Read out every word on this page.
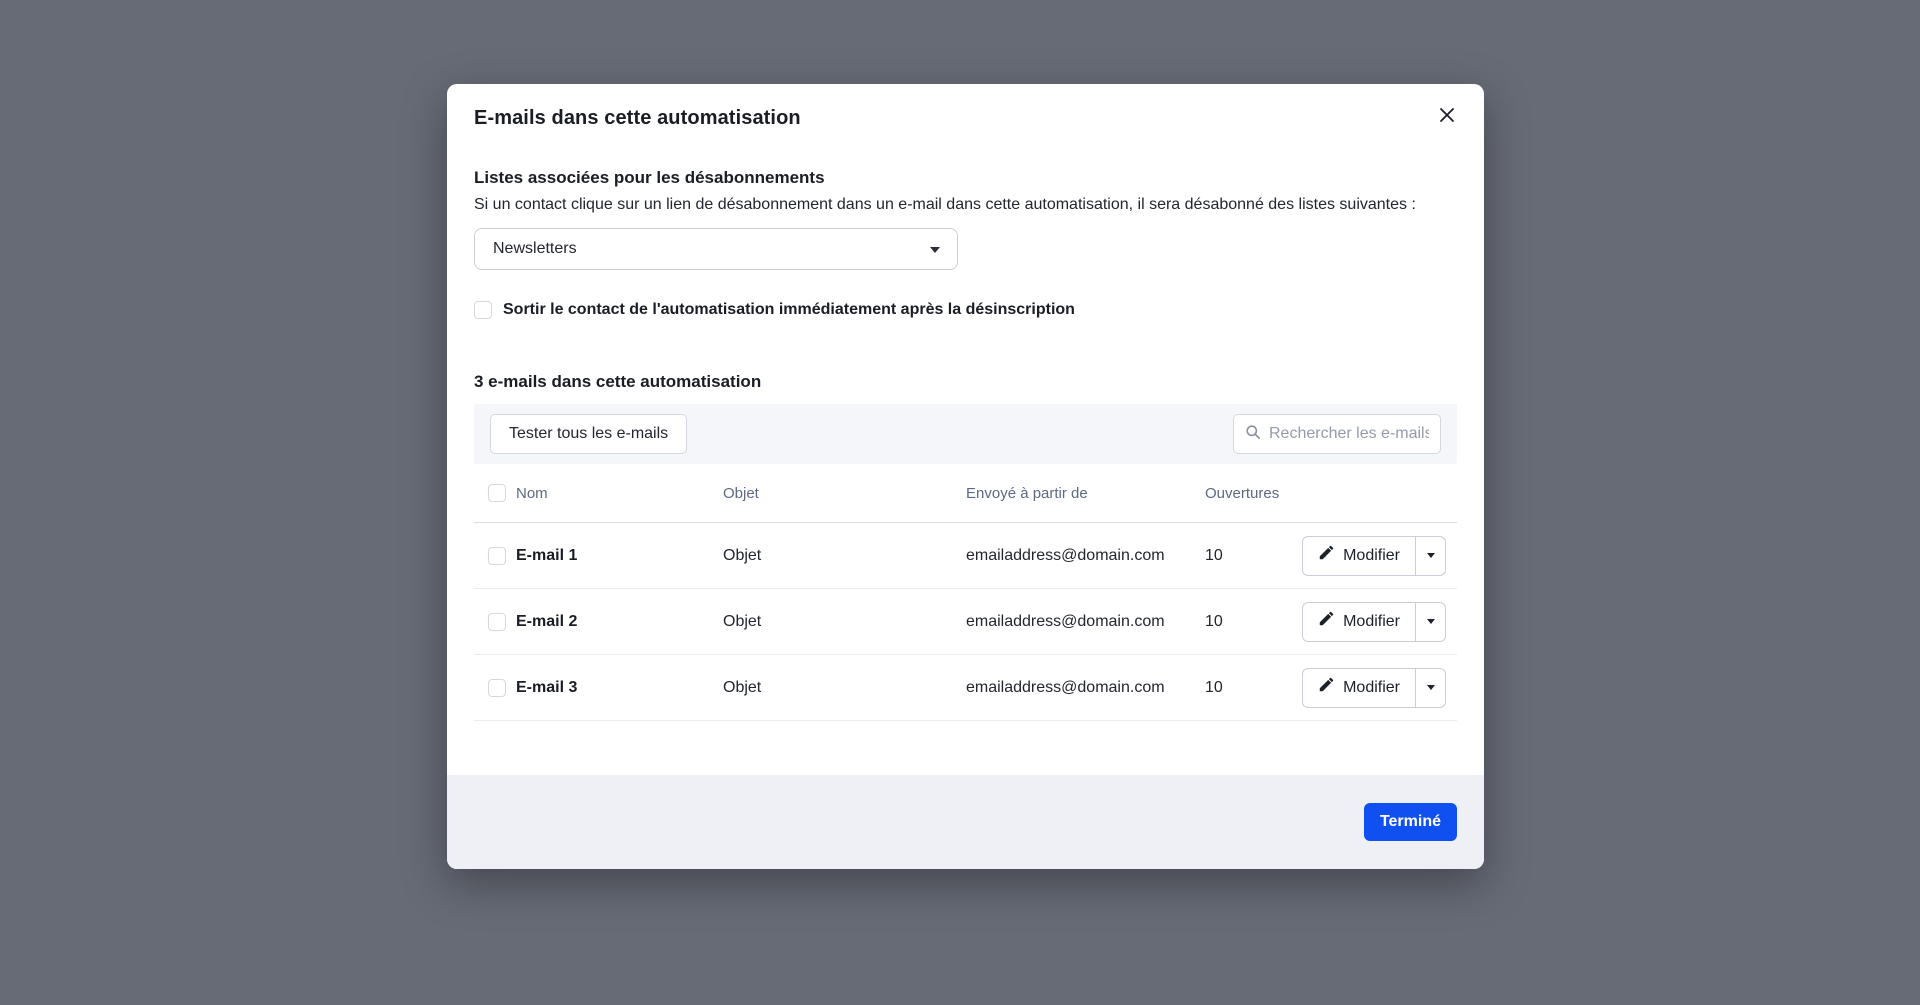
E-mails dans cette automatisation
Listes associées pour les désabonnements
Si un contact clique sur un lien de désabonnement dans un e-mail dans cette automatisation, il sera désabonné des listes suivantes :
Newsletters
Sortir le contact de l'automatisation immédiatement après la désinscription
3 e-mails dans cette automatisation
Tester tous les e-mails
Rechercher les e-mails
Nom	Objet	Envoyé à partir de	Ouvertures
E-mail 1	Objet	emailaddress@domain.com	10	Modifier
E-mail 2	Objet	emailaddress@domain.com	10	Modifier
E-mail 3	Objet	emailaddress@domain.com	10	Modifier
Terminé
